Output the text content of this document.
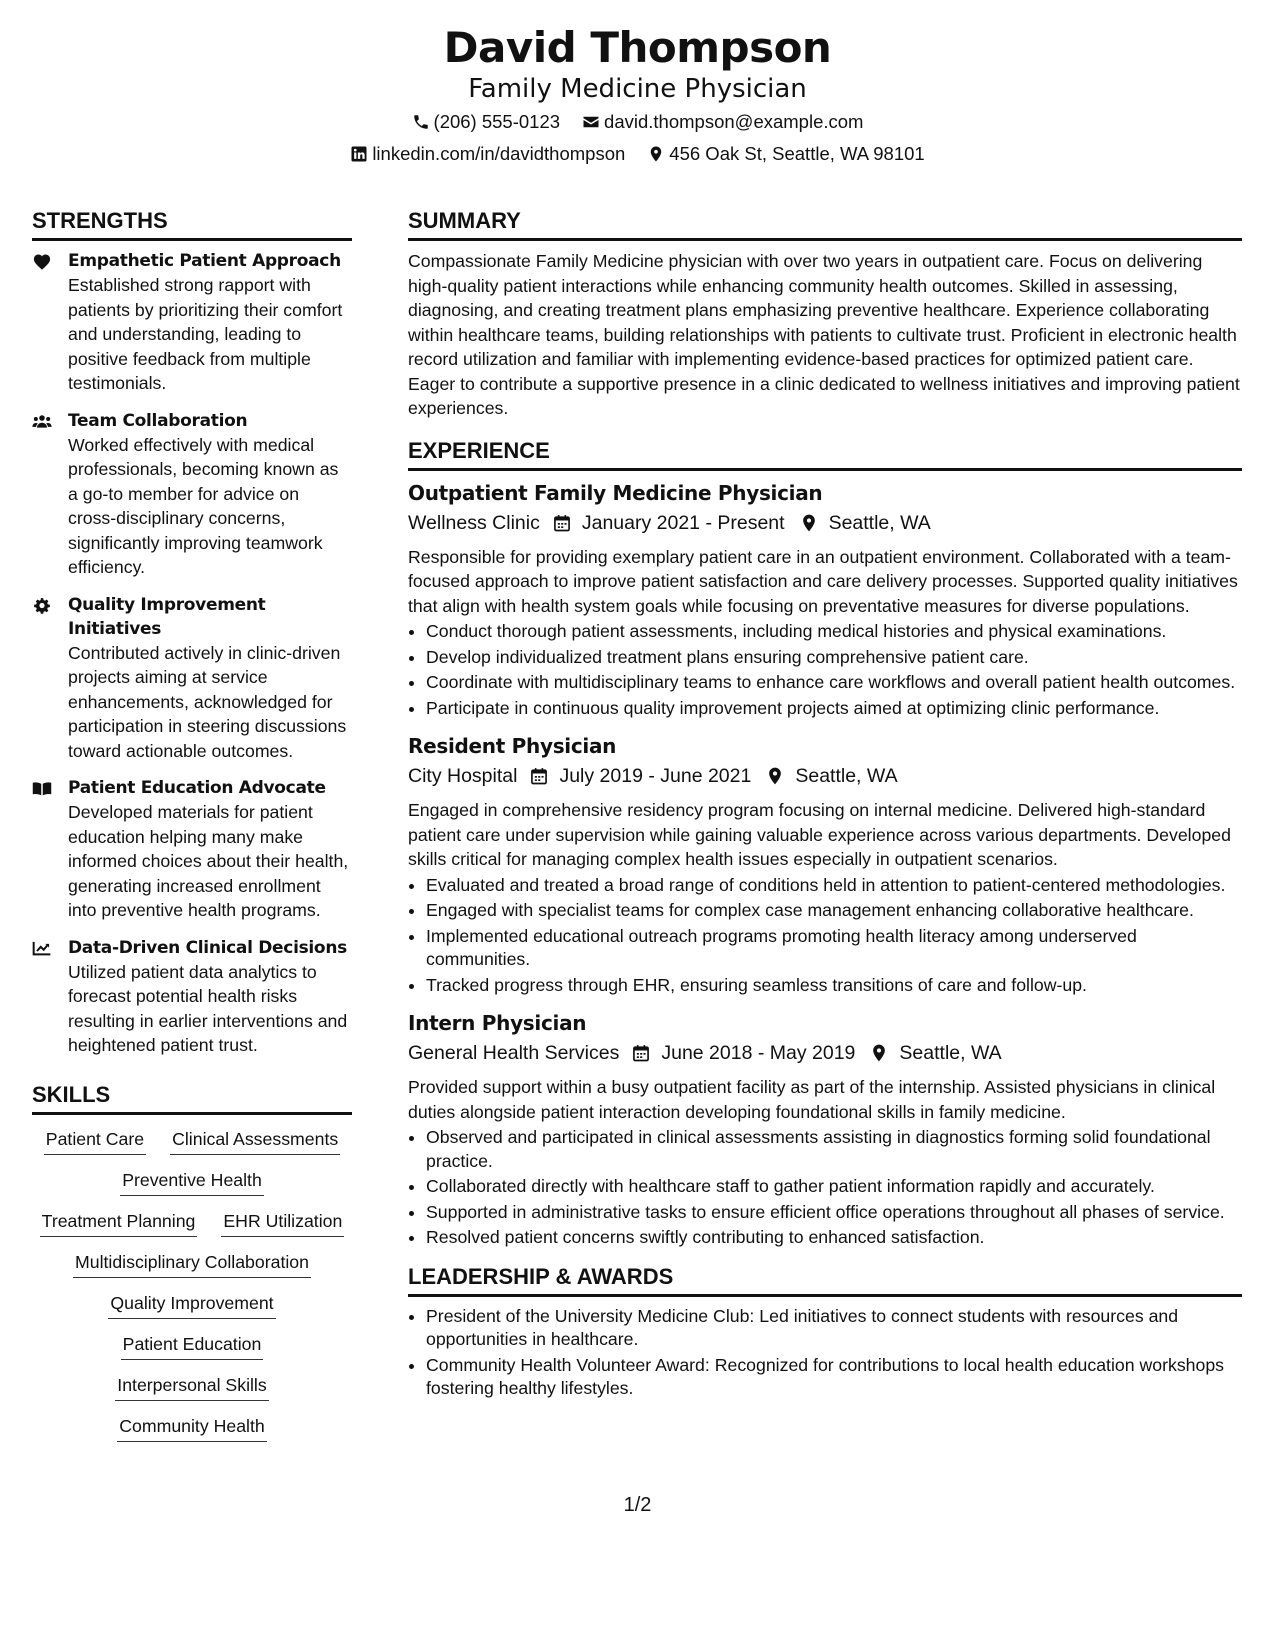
David Thompson
Family Medicine Physician
(206) 555-0123 david.thompson@example.com
linkedin.com/in/davidthompson 456 Oak St, Seattle, WA 98101
STRENGTHS
Empathetic Patient Approach
Established strong rapport with patients by prioritizing their comfort and understanding, leading to positive feedback from multiple testimonials.
Team Collaboration
Worked effectively with medical professionals, becoming known as a go-to member for advice on cross-disciplinary concerns, significantly improving teamwork efficiency.
Quality Improvement Initiatives
Contributed actively in clinic-driven projects aiming at service enhancements, acknowledged for participation in steering discussions toward actionable outcomes.
Patient Education Advocate
Developed materials for patient education helping many make informed choices about their health, generating increased enrollment into preventive health programs.
Data-Driven Clinical Decisions
Utilized patient data analytics to forecast potential health risks resulting in earlier interventions and heightened patient trust.
SKILLS
Patient Care Clinical Assessments
Preventive Health
Treatment Planning EHR Utilization
Multidisciplinary Collaboration
Quality Improvement
Patient Education
Interpersonal Skills
Community Health
SUMMARY
Compassionate Family Medicine physician with over two years in outpatient care. Focus on delivering high-quality patient interactions while enhancing community health outcomes. Skilled in assessing, diagnosing, and creating treatment plans emphasizing preventive healthcare. Experience collaborating within healthcare teams, building relationships with patients to cultivate trust. Proficient in electronic health record utilization and familiar with implementing evidence-based practices for optimized patient care. Eager to contribute a supportive presence in a clinic dedicated to wellness initiatives and improving patient experiences.
EXPERIENCE
Outpatient Family Medicine Physician
Wellness Clinic January 2021 - Present Seattle, WA
Responsible for providing exemplary patient care in an outpatient environment. Collaborated with a team-focused approach to improve patient satisfaction and care delivery processes. Supported quality initiatives that align with health system goals while focusing on preventative measures for diverse populations.
• Conduct thorough patient assessments, including medical histories and physical examinations.
• Develop individualized treatment plans ensuring comprehensive patient care.
• Coordinate with multidisciplinary teams to enhance care workflows and overall patient health outcomes.
• Participate in continuous quality improvement projects aimed at optimizing clinic performance.
Resident Physician
City Hospital July 2019 - June 2021 Seattle, WA
Engaged in comprehensive residency program focusing on internal medicine. Delivered high-standard patient care under supervision while gaining valuable experience across various departments. Developed skills critical for managing complex health issues especially in outpatient scenarios.
• Evaluated and treated a broad range of conditions held in attention to patient-centered methodologies.
• Engaged with specialist teams for complex case management enhancing collaborative healthcare.
• Implemented educational outreach programs promoting health literacy among underserved communities.
• Tracked progress through EHR, ensuring seamless transitions of care and follow-up.
Intern Physician
General Health Services June 2018 - May 2019 Seattle, WA
Provided support within a busy outpatient facility as part of the internship. Assisted physicians in clinical duties alongside patient interaction developing foundational skills in family medicine.
• Observed and participated in clinical assessments assisting in diagnostics forming solid foundational practice.
• Collaborated directly with healthcare staff to gather patient information rapidly and accurately.
• Supported in administrative tasks to ensure efficient office operations throughout all phases of service.
• Resolved patient concerns swiftly contributing to enhanced satisfaction.
LEADERSHIP & AWARDS
• President of the University Medicine Club: Led initiatives to connect students with resources and opportunities in healthcare.
• Community Health Volunteer Award: Recognized for contributions to local health education workshops fostering healthy lifestyles.
1/2
